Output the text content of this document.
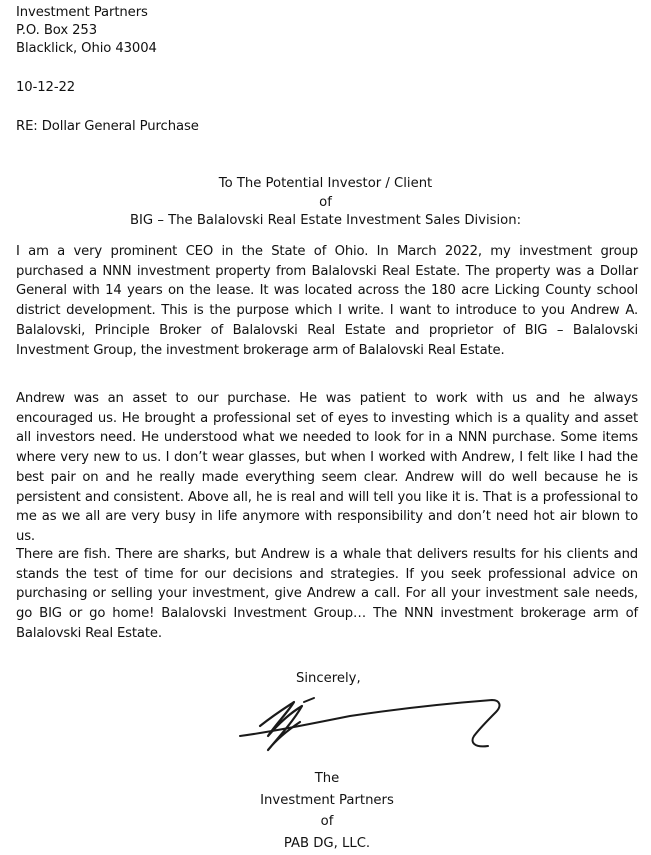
Investment Partners
P.O. Box 253
Blacklick, Ohio 43004
10-12-22
RE: Dollar General Purchase
To The Potential Investor / Client
of
BIG – The Balalovski Real Estate Investment Sales Division:
I am a very prominent CEO in the State of Ohio. In March 2022, my investment group purchased a NNN investment property from Balalovski Real Estate. The property was a Dollar General with 14 years on the lease. It was located across the 180 acre Licking County school district development. This is the purpose which I write. I want to introduce to you Andrew A. Balalovski, Principle Broker of Balalovski Real Estate and proprietor of BIG – Balalovski Investment Group, the investment brokerage arm of Balalovski Real Estate.
Andrew was an asset to our purchase. He was patient to work with us and he always encouraged us. He brought a professional set of eyes to investing which is a quality and asset all investors need. He understood what we needed to look for in a NNN purchase. Some items where very new to us. I don’t wear glasses, but when I worked with Andrew, I felt like I had the best pair on and he really made everything seem clear. Andrew will do well because he is persistent and consistent. Above all, he is real and will tell you like it is. That is a professional to me as we all are very busy in life anymore with responsibility and don’t need hot air blown to us.
There are fish. There are sharks, but Andrew is a whale that delivers results for his clients and stands the test of time for our decisions and strategies. If you seek professional advice on purchasing or selling your investment, give Andrew a call. For all your investment sale needs, go BIG or go home! Balalovski Investment Group… The NNN investment brokerage arm of Balalovski Real Estate.
Sincerely,
The
Investment Partners
of
PAB DG, LLC.
